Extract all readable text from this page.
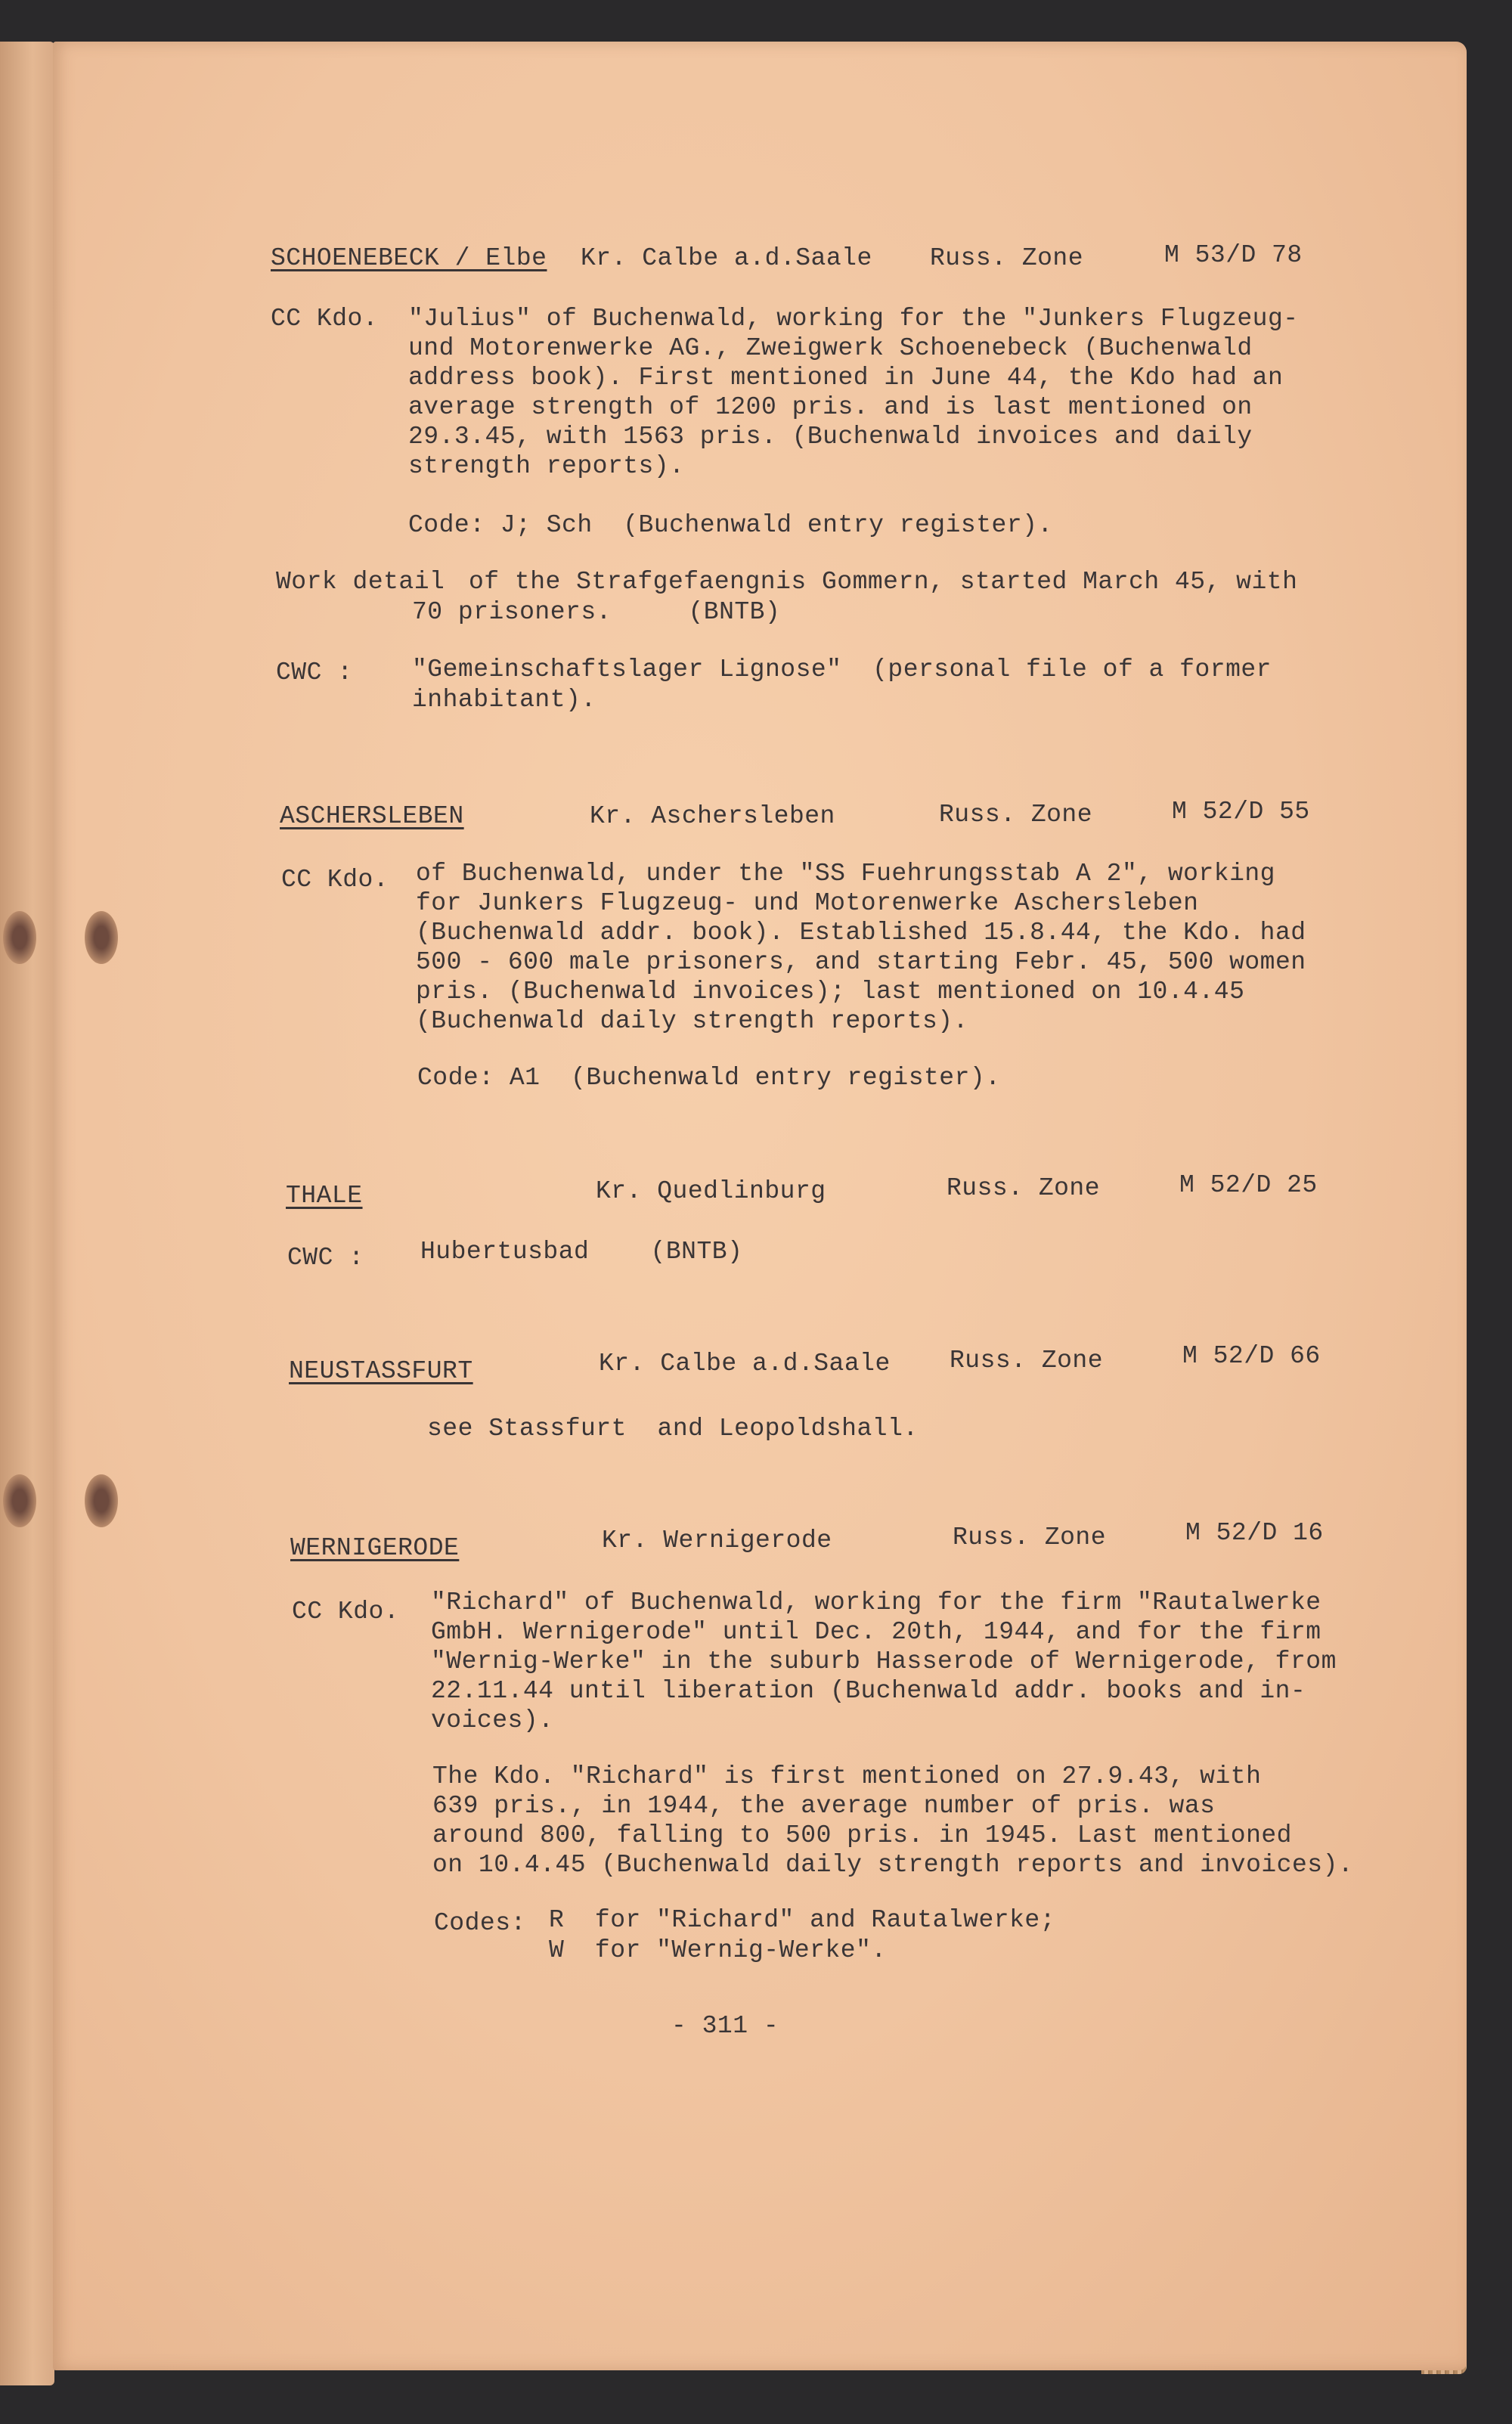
SCHOENEBECK / Elbe Kr. Calbe a.d.Saale Russ. Zone	M 53/D 78
CC Kdo. "Julius" of Buchenwald, working for the "Junkers Flugzeug-
und Motorenwerke AG., Zweigwerk Schoenebeck (Buchenwald
address book). First mentioned in June 44, the Kdo had an
average strength of 1200 pris. and is last mentioned on
29.3.45, with 1563 pris. (Buchenwald invoices and daily
strength reports).
Code: J; Sch  (Buchenwald entry register).
Work detail of the Strafgefaengnis Gommern, started March 45, with
70 prisoners.     (BNTB)
CWC : "Gemeinschaftslager Lignose"  (personal file of a former
inhabitant).
ASCHERSLEBEN	Kr. Aschersleben	Russ. Zone	M 52/D 55
CC Kdo. of Buchenwald, under the "SS Fuehrungsstab A 2", working
for Junkers Flugzeug- und Motorenwerke Aschersleben
(Buchenwald addr. book). Established 15.8.44, the Kdo. had
500 - 600 male prisoners, and starting Febr. 45, 500 women
pris. (Buchenwald invoices); last mentioned on 10.4.45
(Buchenwald daily strength reports).
Code: A1  (Buchenwald entry register).
THALE	Kr. Quedlinburg	Russ. Zone	M 52/D 25
CWC : Hubertusbad    (BNTB)
NEUSTASSFURT	Kr. Calbe a.d.Saale Russ. Zone	M 52/D 66
see Stassfurt  and Leopoldshall.
WERNIGERODE	Kr. Wernigerode	Russ. Zone	M 52/D 16
CC Kdo. "Richard" of Buchenwald, working for the firm "Rautalwerke
GmbH. Wernigerode" until Dec. 20th, 1944, and for the firm
"Wernig-Werke" in the suburb Hasserode of Wernigerode, from
22.11.44 until liberation (Buchenwald addr. books and in-
voices).
The Kdo. "Richard" is first mentioned on 27.9.43, with
639 pris., in 1944, the average number of pris. was
around 800, falling to 500 pris. in 1945. Last mentioned
on 10.4.45 (Buchenwald daily strength reports and invoices).
Codes: R  for "Richard" and Rautalwerke;
W  for "Wernig-Werke".
- 311 -
